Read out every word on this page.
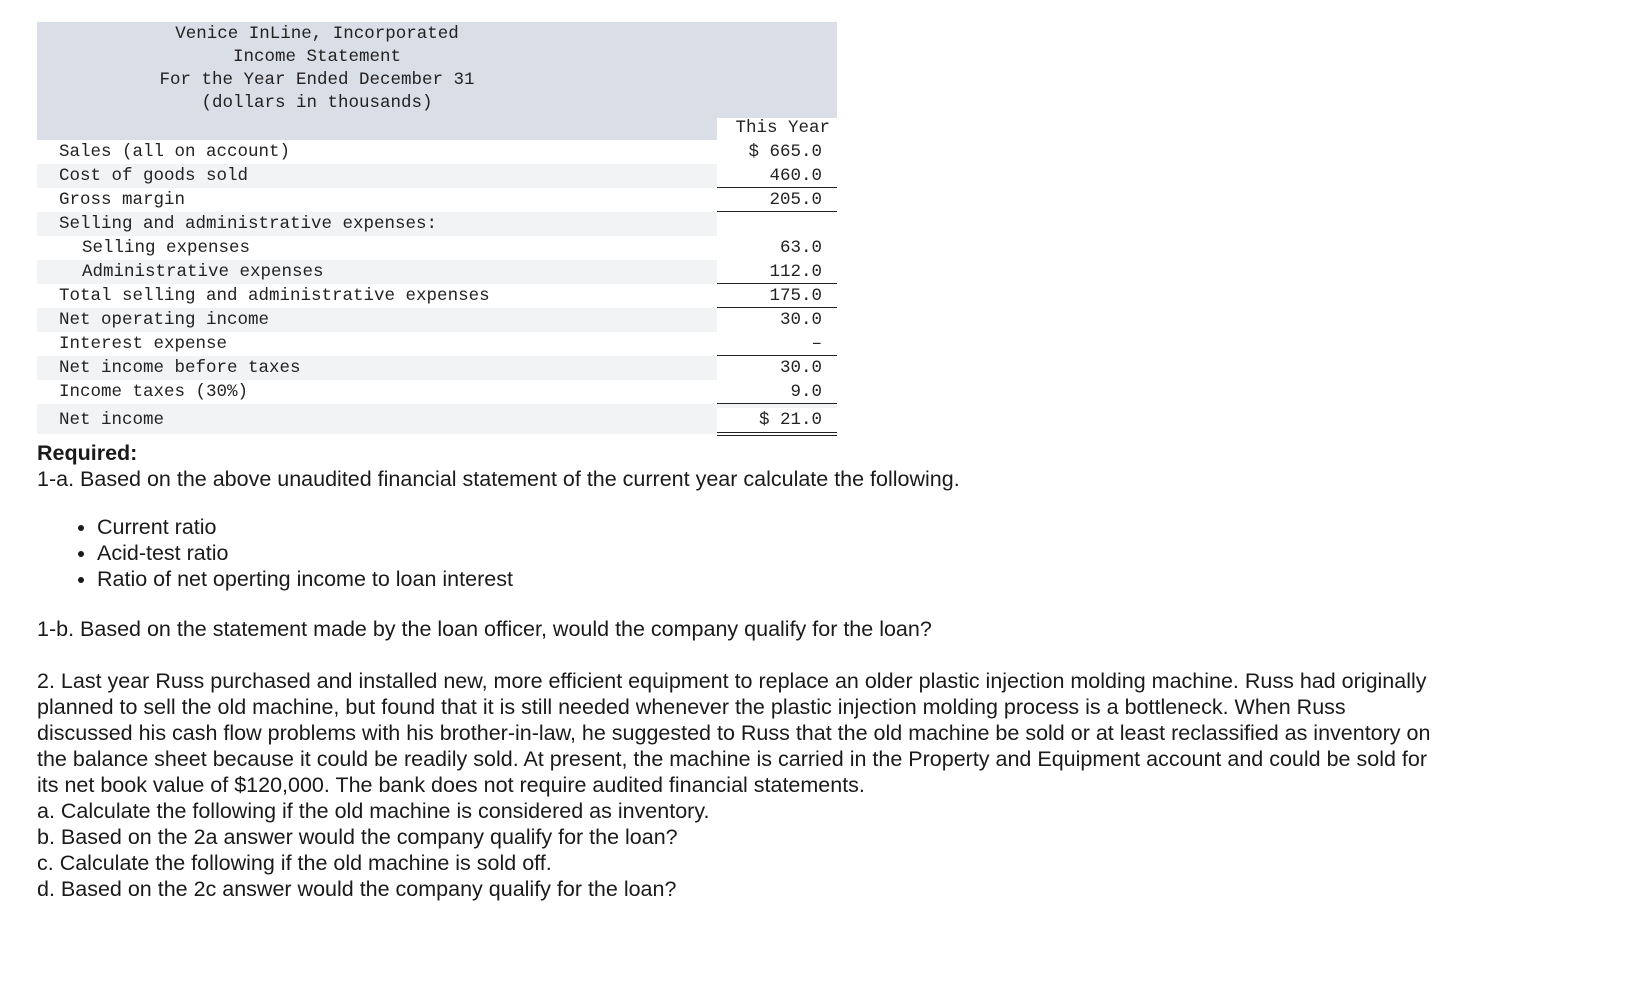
Venice InLine, Incorporated
Income Statement
For the Year Ended December 31
(dollars in thousands)
This Year
Sales (all on account)	$ 665.0
Cost of goods sold	460.0
Gross margin	205.0
Selling and administrative expenses:
Selling expenses	63.0
Administrative expenses	112.0
Total selling and administrative expenses	175.0
Net operating income	30.0
Interest expense	–
Net income before taxes	30.0
Income taxes (30%)	9.0
Net income	$ 21.0

Required:

1-a. Based on the above unaudited financial statement of the current year calculate the following.

• Current ratio
• Acid-test ratio
• Ratio of net operting income to loan interest

1-b. Based on the statement made by the loan officer, would the company qualify for the loan?

2. Last year Russ purchased and installed new, more efficient equipment to replace an older plastic injection molding machine. Russ had originally planned to sell the old machine, but found that it is still needed whenever the plastic injection molding process is a bottleneck. When Russ discussed his cash flow problems with his brother-in-law, he suggested to Russ that the old machine be sold or at least reclassified as inventory on the balance sheet because it could be readily sold. At present, the machine is carried in the Property and Equipment account and could be sold for its net book value of $120,000. The bank does not require audited financial statements.

a. Calculate the following if the old machine is considered as inventory.

b. Based on the 2a answer would the company qualify for the loan?

c. Calculate the following if the old machine is sold off.

d. Based on the 2c answer would the company qualify for the loan?
